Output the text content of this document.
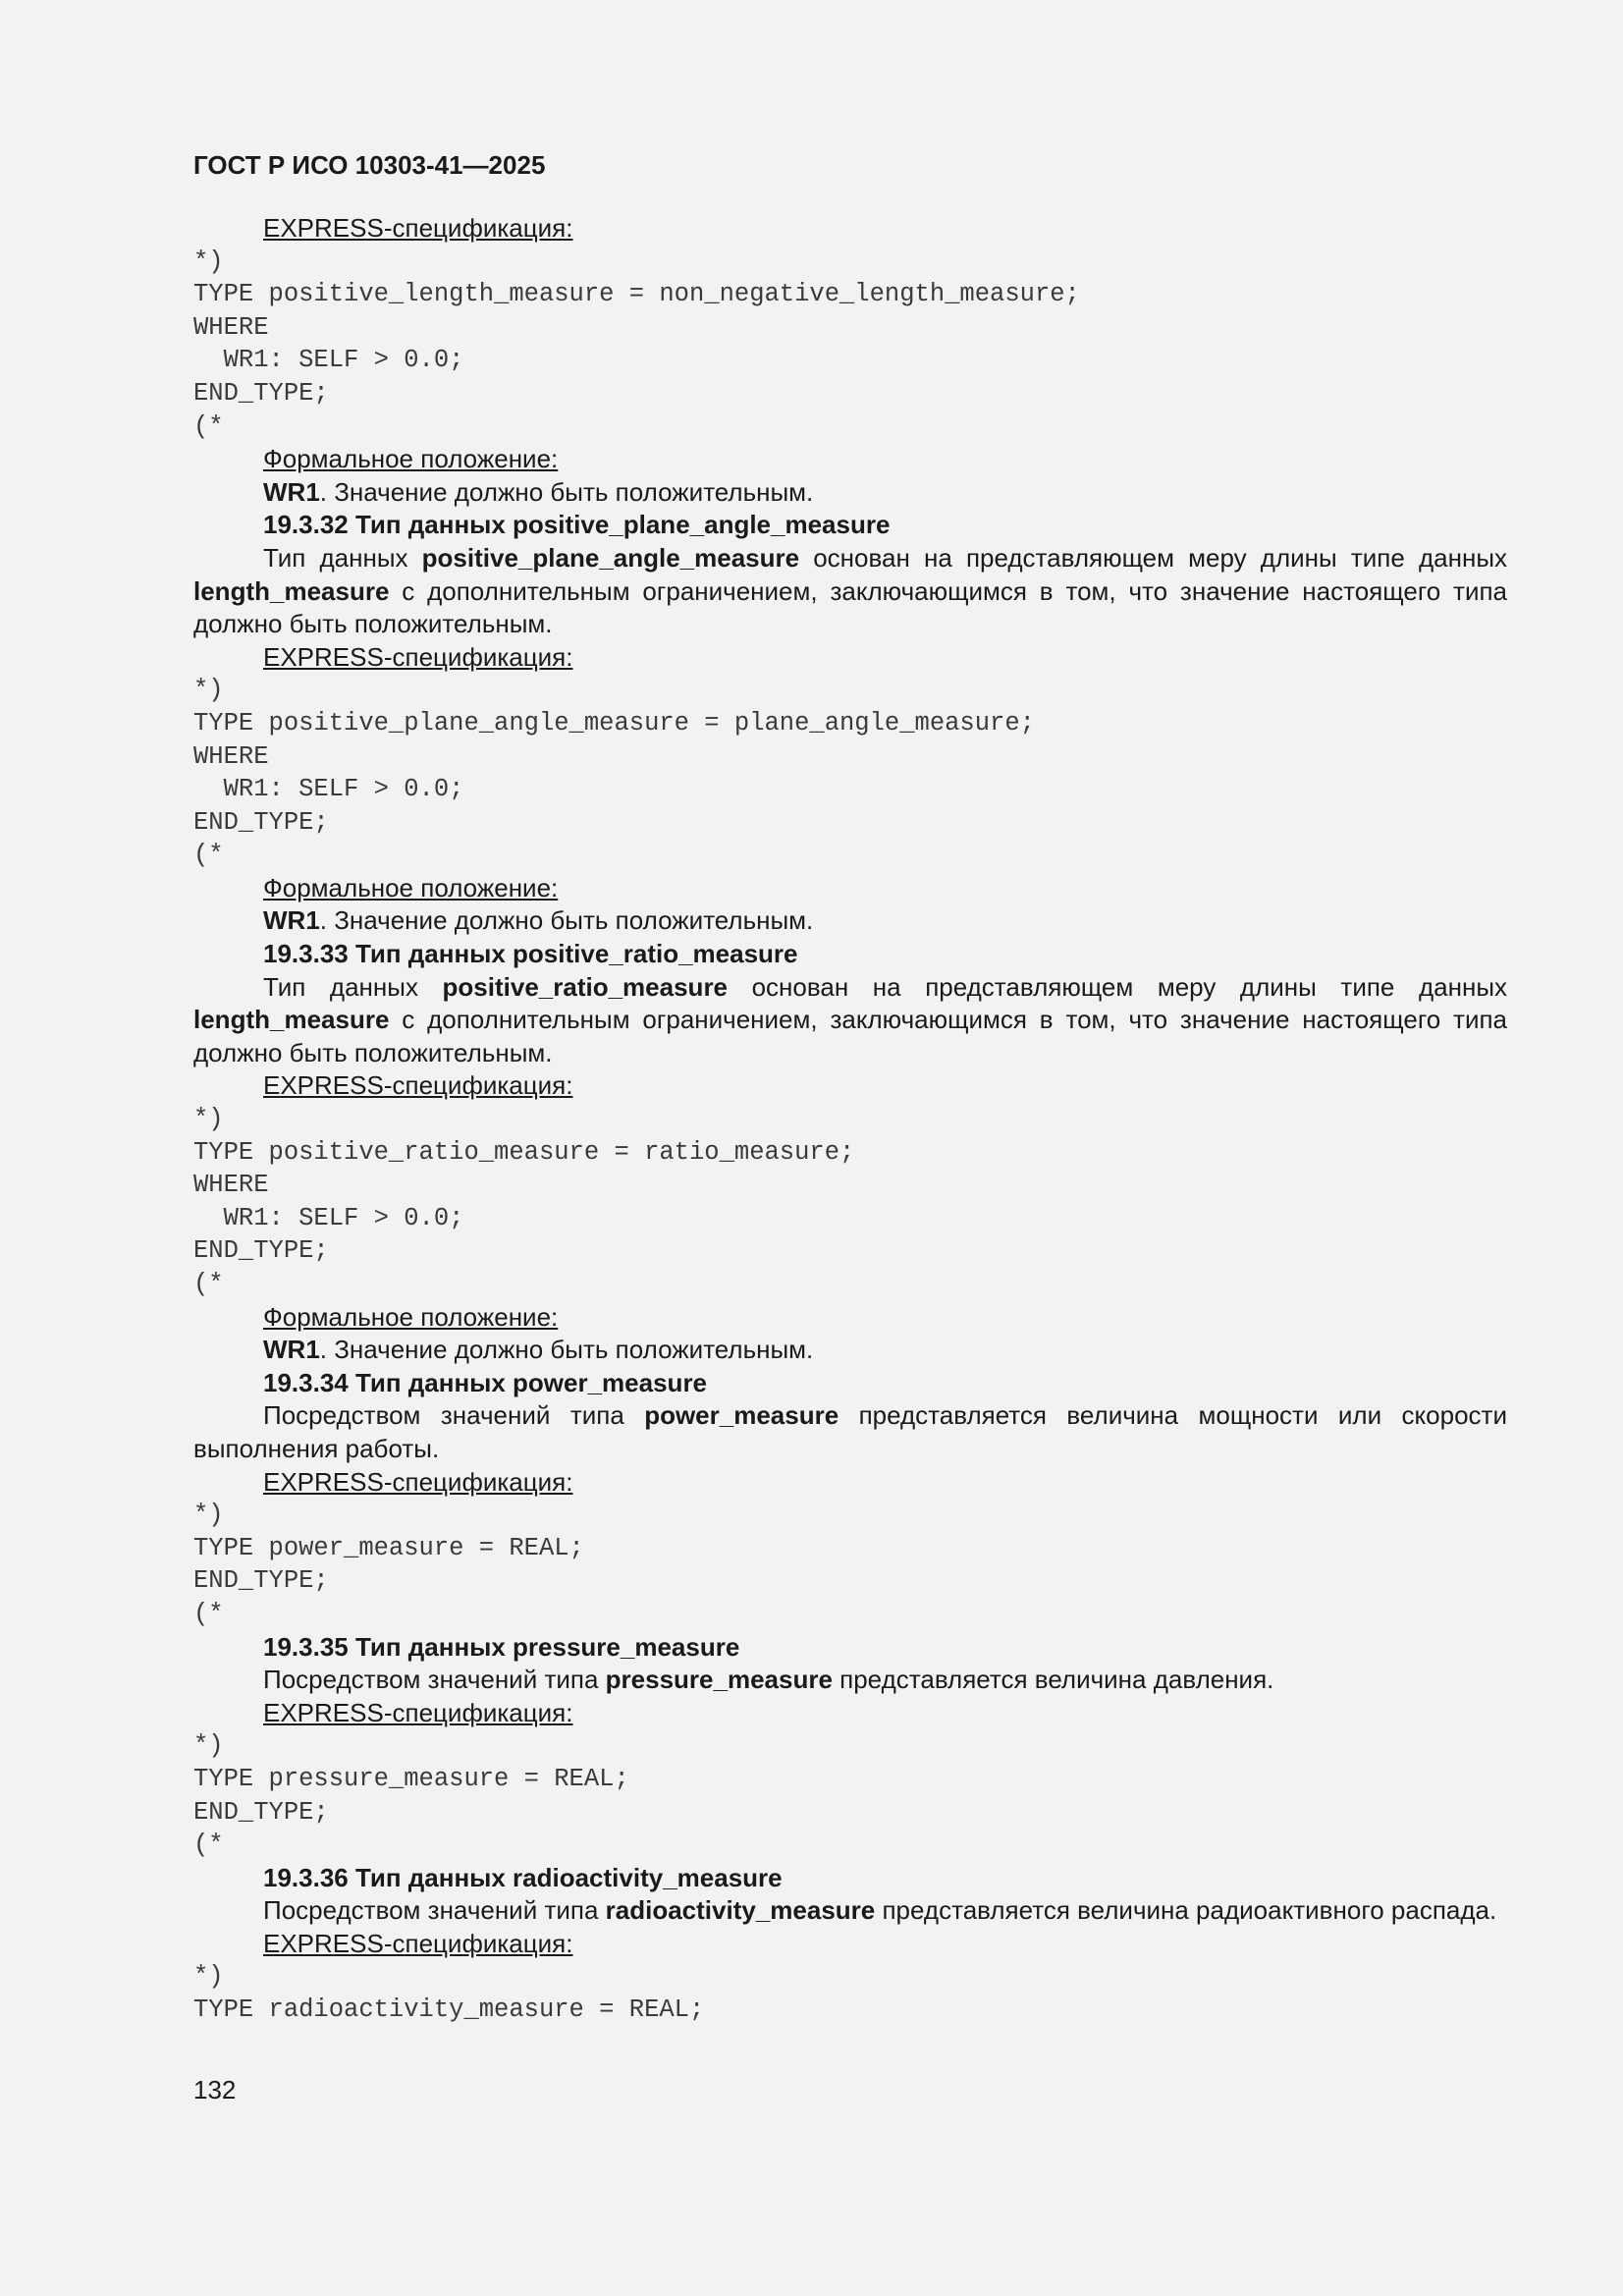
ГОСТ Р ИСО 10303-41—2025

EXPRESS-спецификация:

*)
TYPE positive_length_measure = non_negative_length_measure;
WHERE
WR1: SELF > 0.0;
END_TYPE;
(*

Формальное положение:

WR1. Значение должно быть положительным.

19.3.32 Тип данных positive_plane_angle_measure

Тип данных positive_plane_angle_measure основан на представляющем меру длины типе данных length_measure с дополнительным ограничением, заключающимся в том, что значение настоящего типа должно быть положительным.

EXPRESS-спецификация:

*)
TYPE positive_plane_angle_measure = plane_angle_measure;
WHERE
WR1: SELF > 0.0;
END_TYPE;
(*

Формальное положение:

WR1. Значение должно быть положительным.

19.3.33 Тип данных positive_ratio_measure

Тип данных positive_ratio_measure основан на представляющем меру длины типе данных length_measure с дополнительным ограничением, заключающимся в том, что значение настоящего типа должно быть положительным.

EXPRESS-спецификация:

*)
TYPE positive_ratio_measure = ratio_measure;
WHERE
WR1: SELF > 0.0;
END_TYPE;
(*

Формальное положение:

WR1. Значение должно быть положительным.

19.3.34 Тип данных power_measure

Посредством значений типа power_measure представляется величина мощности или скорости выполнения работы.

EXPRESS-спецификация:

*)
TYPE power_measure = REAL;
END_TYPE;
(*

19.3.35 Тип данных pressure_measure

Посредством значений типа pressure_measure представляется величина давления.

EXPRESS-спецификация:

*)
TYPE pressure_measure = REAL;
END_TYPE;
(*

19.3.36 Тип данных radioactivity_measure

Посредством значений типа radioactivity_measure представляется величина радиоактивного распада.

EXPRESS-спецификация:

*)
TYPE radioactivity_measure = REAL;
132
